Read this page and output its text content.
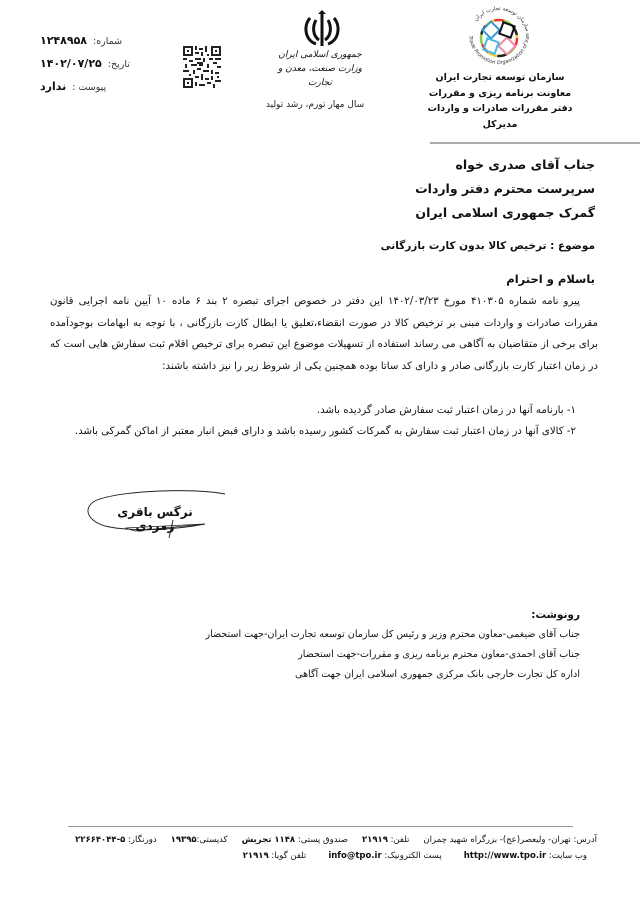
شماره:
۱۲۴۸۹۵۸
تاریخ:
۱۴۰۲/۰۷/۲۵
پیوست :
ندارد
جمهوری اسلامی ایران
وزارت صنعت، معدن و تجارت
سال مهار تورم، رشد تولید
سازمان توسعه تجارت ایران
Trade Promotion Organization of Iran
سازمان توسعه تجارت ایران
معاونت برنامه ریزی و مقررات
دفتر مقررات صادرات و واردات
مدیرکل
جناب آقای صدری خواه
سرپرست محترم دفتر واردات
گمرک جمهوری اسلامی ایران
موضوع : ترخیص کالا بدون کارت بازرگانی
باسلام و احترام

پیرو نامه شماره ۴۱۰۳۰۵ مورخ ۱۴۰۲/۰۳/۲۳ این دفتر در خصوص اجرای تبصره ۲ بند ۶ ماده ۱۰ آیین نامه اجرایی قانون مقررات صادرات و واردات مبنی بر ترخیص کالا در صورت انقضاء،تعلیق یا ابطال کارت بازرگانی ، با توجه به ابهامات بوجودآمده برای برخی از متقاضیان به آگاهی می رساند استفاده از تسهیلات موضوع این تبصره برای ترخیص اقلام ثبت سفارش هایی است که در زمان اعتبار کارت بازرگانی صادر و دارای کد ساتا بوده همچنین یکی از شروط زیر را نیز داشته باشند:

۱- بارنامه آنها در زمان اعتبار ثبت سفارش صادر گردیده باشد.
۲- کالای آنها در زمان اعتبار ثبت سفارش به گمرکات کشور رسیده باشد و دارای قبض انبار معتبر از اماکن گمرکی باشد.
نرگس باقری زمردی
رونوشت:
جناب آقای ضیغمی-معاون محترم وزیر و رئیس کل سازمان توسعه تجارت ایران-جهت استحضار
جناب آقای احمدی-معاون محترم برنامه ریزی و مقررات-جهت استحضار
اداره کل تجارت خارجی بانک مرکزی جمهوری اسلامی ایران جهت آگاهی
آدرس: تهران- ولیعصر(عج)- بزرگراه شهید چمران
تلفن: ۲۱۹۱۹
صندوق پستی: ۱۱۴۸ تجریش
کدپستی:۱۹۳۹۵
دورنگار: ۵-۲۲۶۶۴۰۴۴
وب سایت: http://www.tpo.ir
پست الکترونیک: info@tpo.ir
تلفن گویا: ۲۱۹۱۹
